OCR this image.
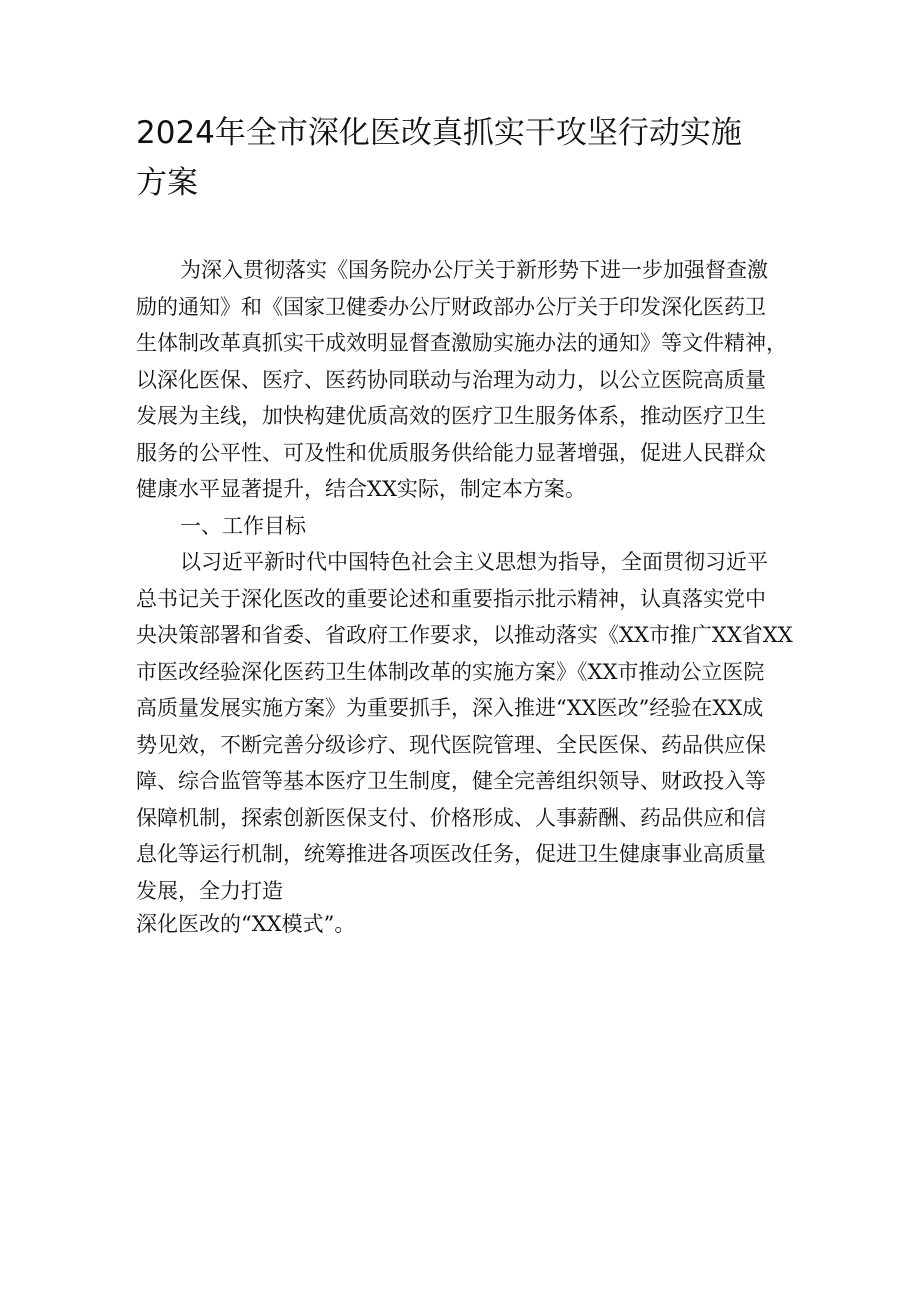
2024年全市深化医改真抓实干攻坚行动实施
方案
为深入贯彻落实《国务院办公厅关于新形势下进一步加强督查激
励的通知》和《国家卫健委办公厅财政部办公厅关于印发深化医药卫
生体制改革真抓实干成效明显督查激励实施办法的通知》等文件精神，
以深化医保、医疗、医药协同联动与治理为动力，以公立医院高质量
发展为主线，加快构建优质高效的医疗卫生服务体系，推动医疗卫生
服务的公平性、可及性和优质服务供给能力显著增强，促进人民群众
健康水平显著提升，结合XX实际，制定本方案。
一、工作目标
以习近平新时代中国特色社会主义思想为指导，全面贯彻习近平
总书记关于深化医改的重要论述和重要指示批示精神，认真落实党中
央决策部署和省委、省政府工作要求，以推动落实《XX市推广XX省XX
市医改经验深化医药卫生体制改革的实施方案》《XX市推动公立医院
高质量发展实施方案》为重要抓手，深入推进“XX医改”经验在XX成
势见效，不断完善分级诊疗、现代医院管理、全民医保、药品供应保
障、综合监管等基本医疗卫生制度，健全完善组织领导、财政投入等
保障机制，探索创新医保支付、价格形成、人事薪酬、药品供应和信
息化等运行机制，统筹推进各项医改任务，促进卫生健康事业高质量
发展，全力打造
深化医改的“XX模式”。
